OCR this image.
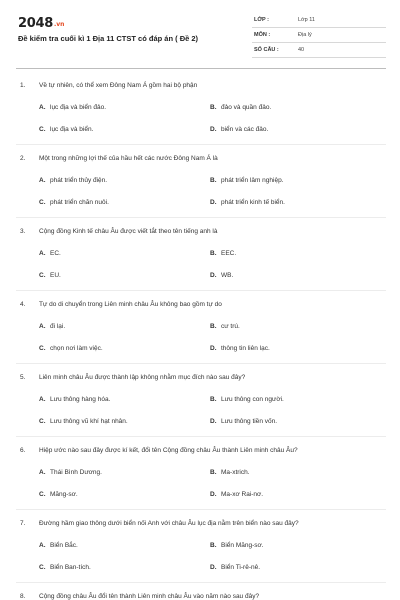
2048.vn
Đề kiểm tra cuối kì 1 Địa 11 CTST có đáp án ( Đề 2)
LỚP :	Lớp 11
MÔN :	Địa lý
SỐ CÂU :	40
1. Về tự nhiên, có thể xem Đông Nam Á gồm hai bộ phận
A. lục địa và biển đảo.	B. đảo và quần đảo.
C. lục địa và biển.	D. biển và các đảo.
2. Một trong những lợi thế của hầu hết các nước Đông Nam Á là
A. phát triển thủy điện.	B. phát triển lâm nghiệp.
C. phát triển chăn nuôi.	D. phát triển kinh tế biển.
3. Cộng đồng Kinh tế châu Âu được viết tắt theo tên tiếng anh là
A. EC.	B. EEC.
C. EU.	D. WB.
4. Tự do di chuyển trong Liên minh châu Âu không bao gồm tự do
A. đi lại.	B. cư trú.
C. chọn nơi làm việc.	D. thông tin liên lạc.
5. Liên minh châu Âu được thành lập không nhằm mục đích nào sau đây?
A. Lưu thông hàng hóa.	B. Lưu thông con người.
C. Lưu thông vũ khí hạt nhân.	D. Lưu thông tiền vốn.
6. Hiệp ước nào sau đây được kí kết, đổi tên Cộng đồng châu Âu thành Liên minh châu Âu?
A. Thái Bình Dương.	B. Ma-xtrich.
C. Măng-sơ.	D. Ma-xơ Rai-nơ.
7. Đường hầm giao thông dưới biển nối Anh với châu Âu lục địa nằm trên biển nào sau đây?
A. Biển Bắc.	B. Biển Măng-sơ.
C. Biển Ban-tích.	D. Biển Ti-rê-nê.
8. Cộng đồng châu Âu đổi tên thành Liên minh châu Âu vào năm nào sau đây?
